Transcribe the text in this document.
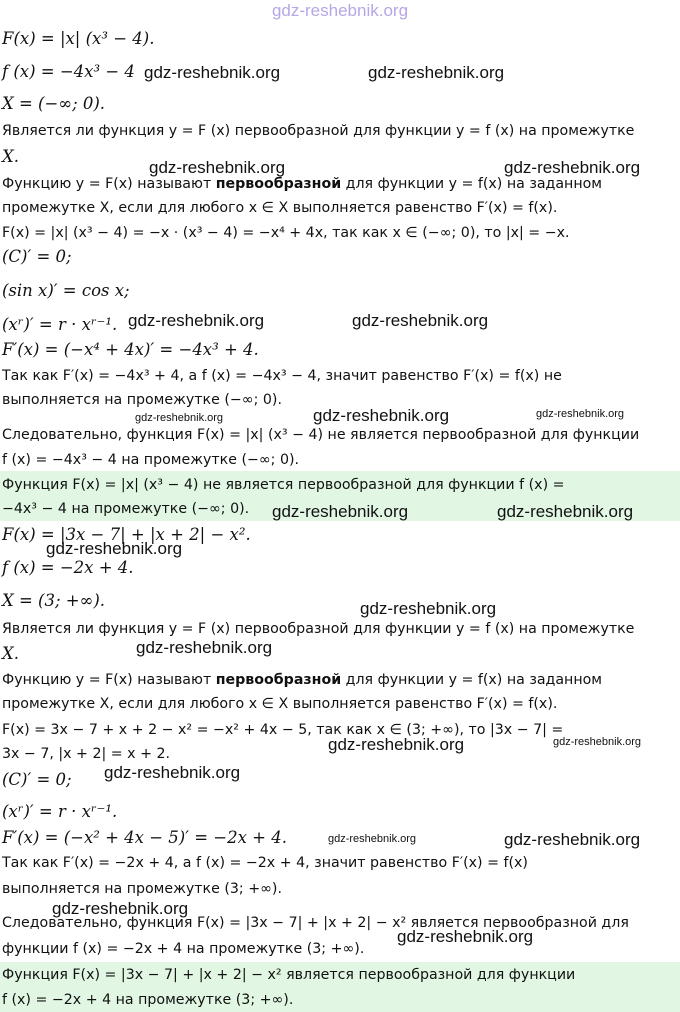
gdz-reshebnik.org
F(x) = |x| (x³ − 4).
f (x) = −4x³ − 4
X = (−∞; 0).
Является ли функция y = F (x) первообразной для функции y = f (x) на промежутке
X.
Функцию y = F(x) называют первообразной для функции y = f(x) на заданном
промежутке X, если для любого x ∈ X выполняется равенство F′(x) = f(x).
F(x) = |x| (x³ − 4) = −x · (x³ − 4) = −x⁴ + 4x, так как x ∈ (−∞; 0), то |x| = −x.
(C)′ = 0;
(sin x)′ = cos x;
(xʳ)′ = r · xʳ⁻¹.
F′(x) = (−x⁴ + 4x)′ = −4x³ + 4.
Так как F′(x) = −4x³ + 4, а f (x) = −4x³ − 4, значит равенство F′(x) = f(x) не
выполняется на промежутке (−∞; 0).
Следовательно, функция F(x) = |x| (x³ − 4) не является первообразной для функции
f (x) = −4x³ − 4 на промежутке (−∞; 0).
Функция F(x) = |x| (x³ − 4) не является первообразной для функции f (x) =
−4x³ − 4 на промежутке (−∞; 0).
F(x) = |3x − 7| + |x + 2| − x².
f (x) = −2x + 4.
X = (3; +∞).
Является ли функция y = F (x) первообразной для функции y = f (x) на промежутке
X.
Функцию y = F(x) называют первообразной для функции y = f(x) на заданном
промежутке X, если для любого x ∈ X выполняется равенство F′(x) = f(x).
F(x) = 3x − 7 + x + 2 − x² = −x² + 4x − 5, так как x ∈ (3; +∞), то |3x − 7| =
3x − 7, |x + 2| = x + 2.
(C)′ = 0;
(xʳ)′ = r · xʳ⁻¹.
F′(x) = (−x² + 4x − 5)′ = −2x + 4.
Так как F′(x) = −2x + 4, а f (x) = −2x + 4, значит равенство F′(x) = f(x)
выполняется на промежутке (3; +∞).
Следовательно, функция F(x) = |3x − 7| + |x + 2| − x² является первообразной для
функции f (x) = −2x + 4 на промежутке (3; +∞).
Функция F(x) = |3x − 7| + |x + 2| − x² является первообразной для функции
f (x) = −2x + 4 на промежутке (3; +∞).
gdz-reshebnik.org	gdz-reshebnik.org
gdz-reshebnik.org	gdz-reshebnik.org
gdz-reshebnik.org	gdz-reshebnik.org
gdz-reshebnik.org	gdz-reshebnik.org	gdz-reshebnik.org
gdz-reshebnik.org	gdz-reshebnik.org
gdz-reshebnik.org
gdz-reshebnik.org
gdz-reshebnik.org
gdz-reshebnik.org	gdz-reshebnik.org
gdz-reshebnik.org
gdz-reshebnik.org	gdz-reshebnik.org
gdz-reshebnik.org
gdz-reshebnik.org
